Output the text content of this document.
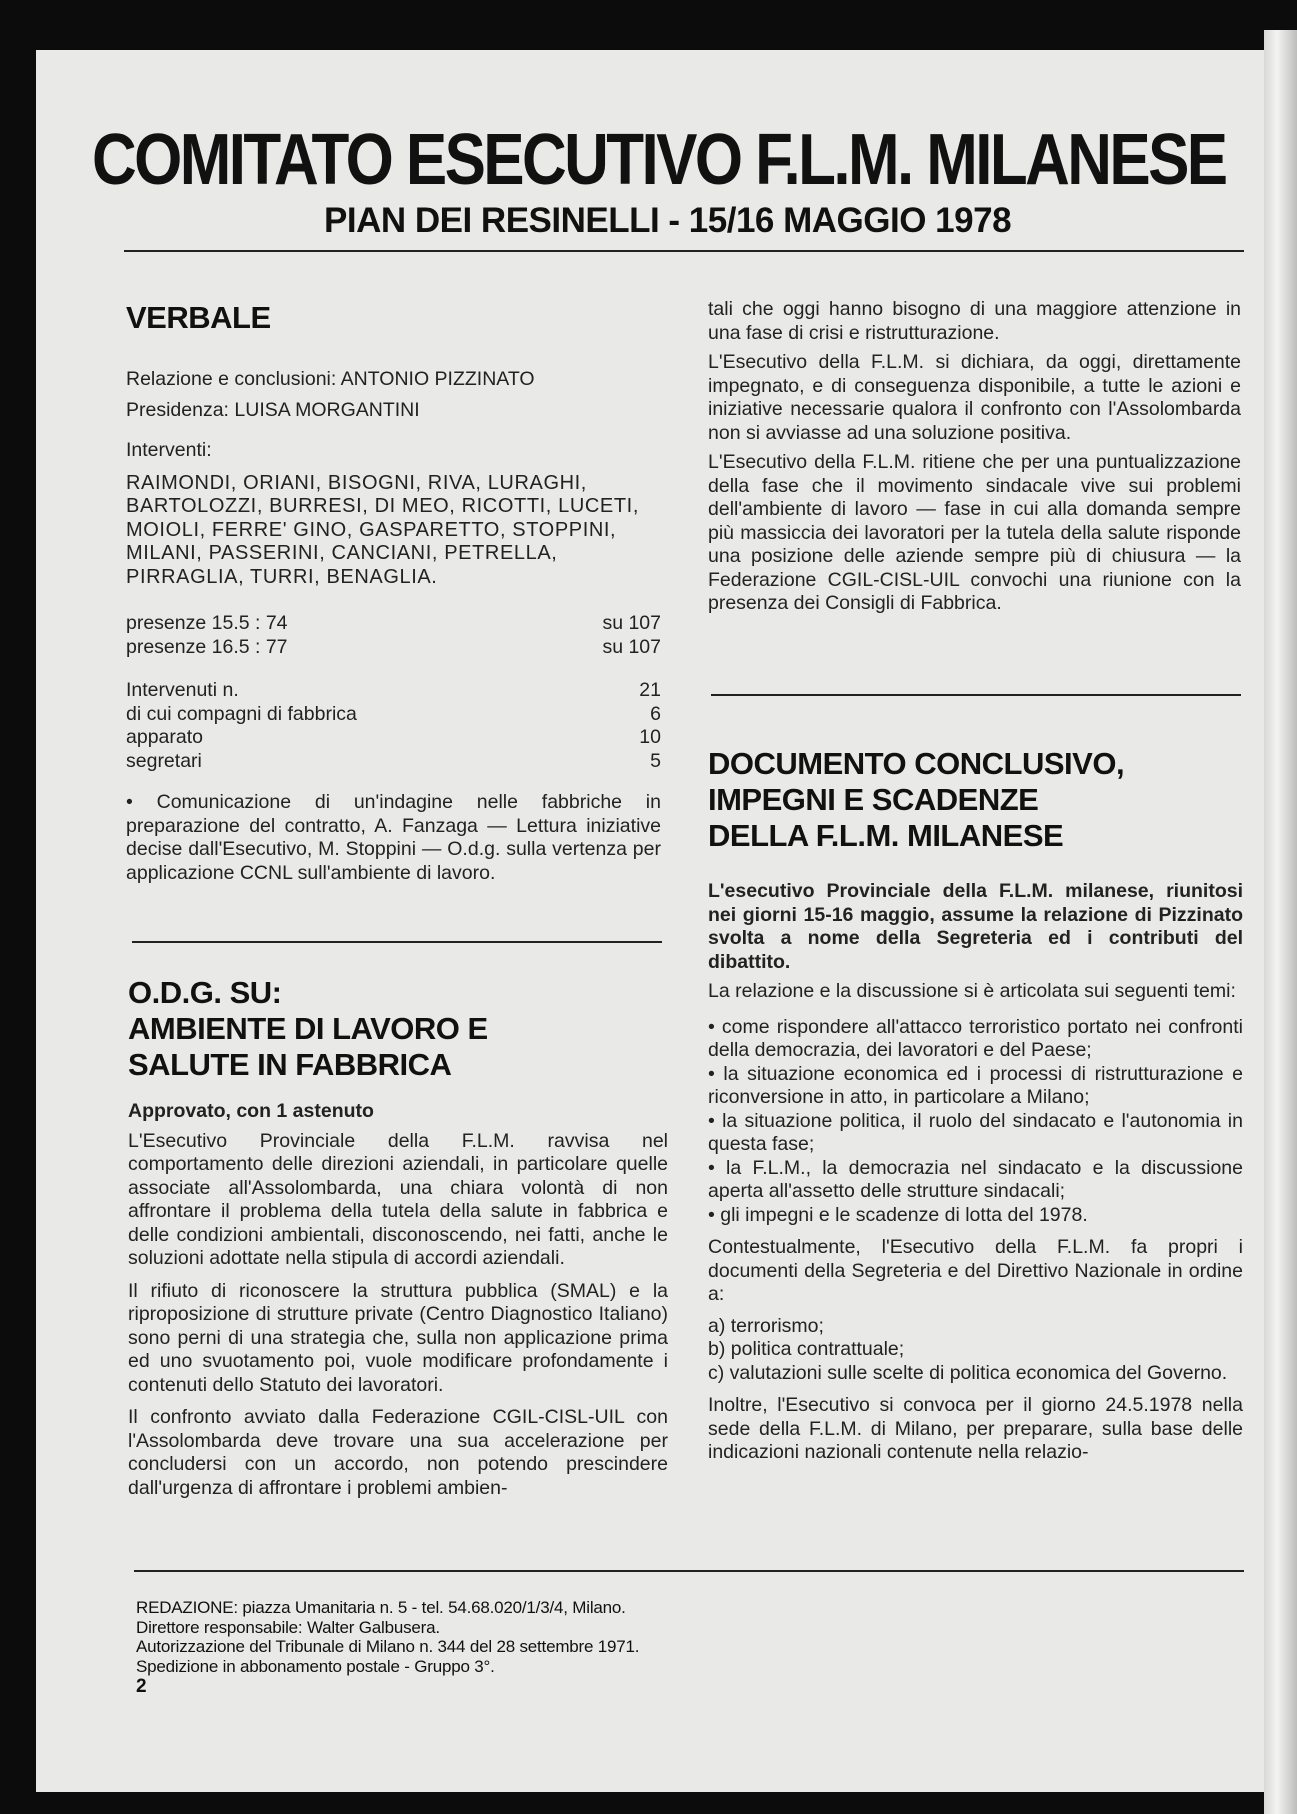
COMITATO ESECUTIVO F.L.M. MILANESE
PIAN DEI RESINELLI - 15/16 MAGGIO 1978
VERBALE

Relazione e conclusioni: ANTONIO PIZZINATO

Presidenza: LUISA MORGANTINI

Interventi:

RAIMONDI, ORIANI, BISOGNI, RIVA, LURAGHI, BARTOLOZZI, BURRESI, DI MEO, RICOTTI, LUCETI, MOIOLI, FERRE' GINO, GASPARETTO, STOPPINI, MILANI, PASSERINI, CANCIANI, PETRELLA, PIRRAGLIA, TURRI, BENAGLIA.

presenze 15.5 : 74	su 107
presenze 16.5 : 77	su 107
Intervenuti n.	21
di cui compagni di fabbrica	6
apparato	10
segretari	5

• Comunicazione di un'indagine nelle fabbriche in preparazione del contratto, A. Fanzaga — Lettura iniziative decise dall'Esecutivo, M. Stoppini — O.d.g. sulla vertenza per applicazione CCNL sull'ambiente di lavoro.

O.D.G. SU:
AMBIENTE DI LAVORO E
SALUTE IN FABBRICA

Approvato, con 1 astenuto

L'Esecutivo Provinciale della F.L.M. ravvisa nel comportamento delle direzioni aziendali, in particolare quelle associate all'Assolombarda, una chiara volontà di non affrontare il problema della tutela della salute in fabbrica e delle condizioni ambientali, disconoscendo, nei fatti, anche le soluzioni adottate nella stipula di accordi aziendali.

Il rifiuto di riconoscere la struttura pubblica (SMAL) e la riproposizione di strutture private (Centro Diagnostico Italiano) sono perni di una strategia che, sulla non applicazione prima ed uno svuotamento poi, vuole modificare profondamente i contenuti dello Statuto dei lavoratori.

Il confronto avviato dalla Federazione CGIL-CISL-UIL con l'Assolombarda deve trovare una sua accelerazione per concludersi con un accordo, non potendo prescindere dall'urgenza di affrontare i problemi ambien-

tali che oggi hanno bisogno di una maggiore attenzione in una fase di crisi e ristrutturazione.

L'Esecutivo della F.L.M. si dichiara, da oggi, direttamente impegnato, e di conseguenza disponibile, a tutte le azioni e iniziative necessarie qualora il confronto con l'Assolombarda non si avviasse ad una soluzione positiva.

L'Esecutivo della F.L.M. ritiene che per una puntualizzazione della fase che il movimento sindacale vive sui problemi dell'ambiente di lavoro — fase in cui alla domanda sempre più massiccia dei lavoratori per la tutela della salute risponde una posizione delle aziende sempre più di chiusura — la Federazione CGIL-CISL-UIL convochi una riunione con la presenza dei Consigli di Fabbrica.

DOCUMENTO CONCLUSIVO,
IMPEGNI E SCADENZE
DELLA F.L.M. MILANESE

L'esecutivo Provinciale della F.L.M. milanese, riunitosi nei giorni 15-16 maggio, assume la relazione di Pizzinato svolta a nome della Segreteria ed i contributi del dibattito.

La relazione e la discussione si è articolata sui seguenti temi:

• come rispondere all'attacco terroristico portato nei confronti della democrazia, dei lavoratori e del Paese;

• la situazione economica ed i processi di ristrutturazione e riconversione in atto, in particolare a Milano;

• la situazione politica, il ruolo del sindacato e l'autonomia in questa fase;

• la F.L.M., la democrazia nel sindacato e la discussione aperta all'assetto delle strutture sindacali;

• gli impegni e le scadenze di lotta del 1978.

Contestualmente, l'Esecutivo della F.L.M. fa propri i documenti della Segreteria e del Direttivo Nazionale in ordine a:

a) terrorismo;

b) politica contrattuale;

c) valutazioni sulle scelte di politica economica del Governo.

Inoltre, l'Esecutivo si convoca per il giorno 24.5.1978 nella sede della F.L.M. di Milano, per preparare, sulla base delle indicazioni nazionali contenute nella relazio-

REDAZIONE: piazza Umanitaria n. 5 - tel. 54.68.020/1/3/4, Milano.
Direttore responsabile: Walter Galbusera.
Autorizzazione del Tribunale di Milano n. 344 del 28 settembre 1971.
Spedizione in abbonamento postale - Gruppo 3°.
2
